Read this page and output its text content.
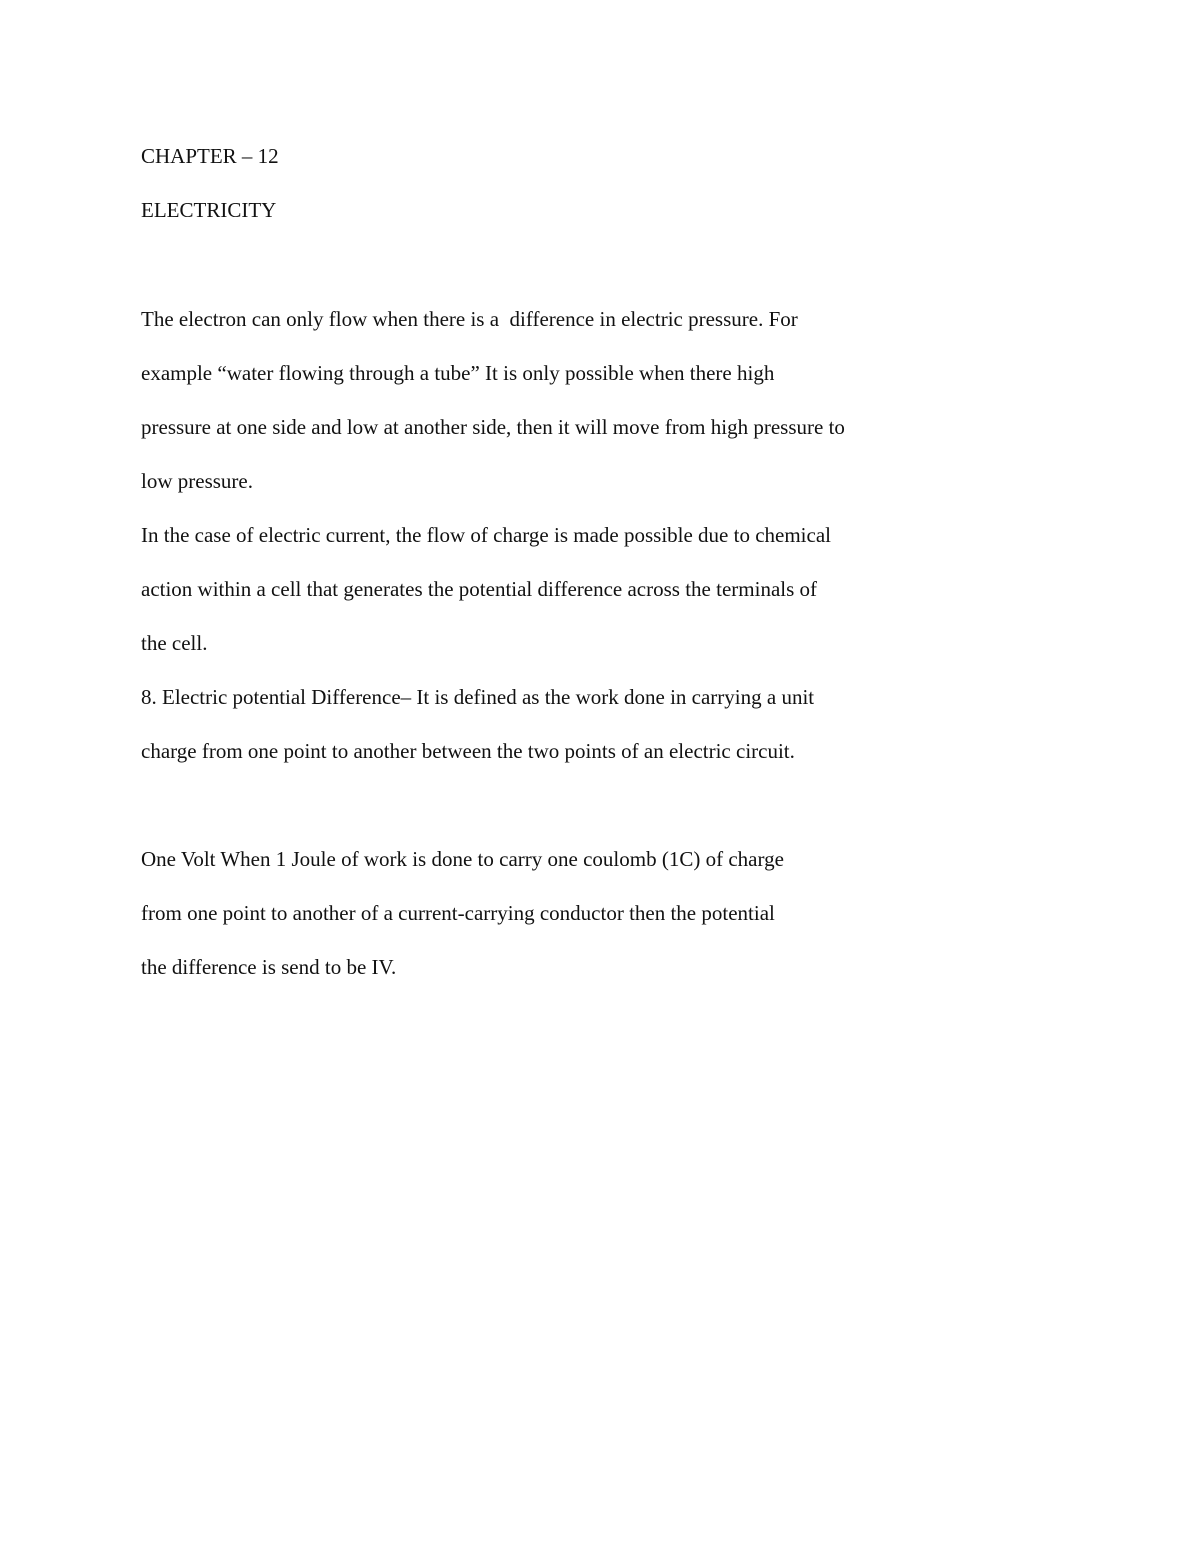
CHAPTER – 12
ELECTRICITY
The electron can only flow when there is a  difference in electric pressure. For
example “water flowing through a tube” It is only possible when there high
pressure at one side and low at another side, then it will move from high pressure to
low pressure.
In the case of electric current, the flow of charge is made possible due to chemical
action within a cell that generates the potential difference across the terminals of
the cell.
8. Electric potential Difference– It is defined as the work done in carrying a unit
charge from one point to another between the two points of an electric circuit.
One Volt When 1 Joule of work is done to carry one coulomb (1C) of charge
from one point to another of a current-carrying conductor then the potential
the difference is send to be IV.
